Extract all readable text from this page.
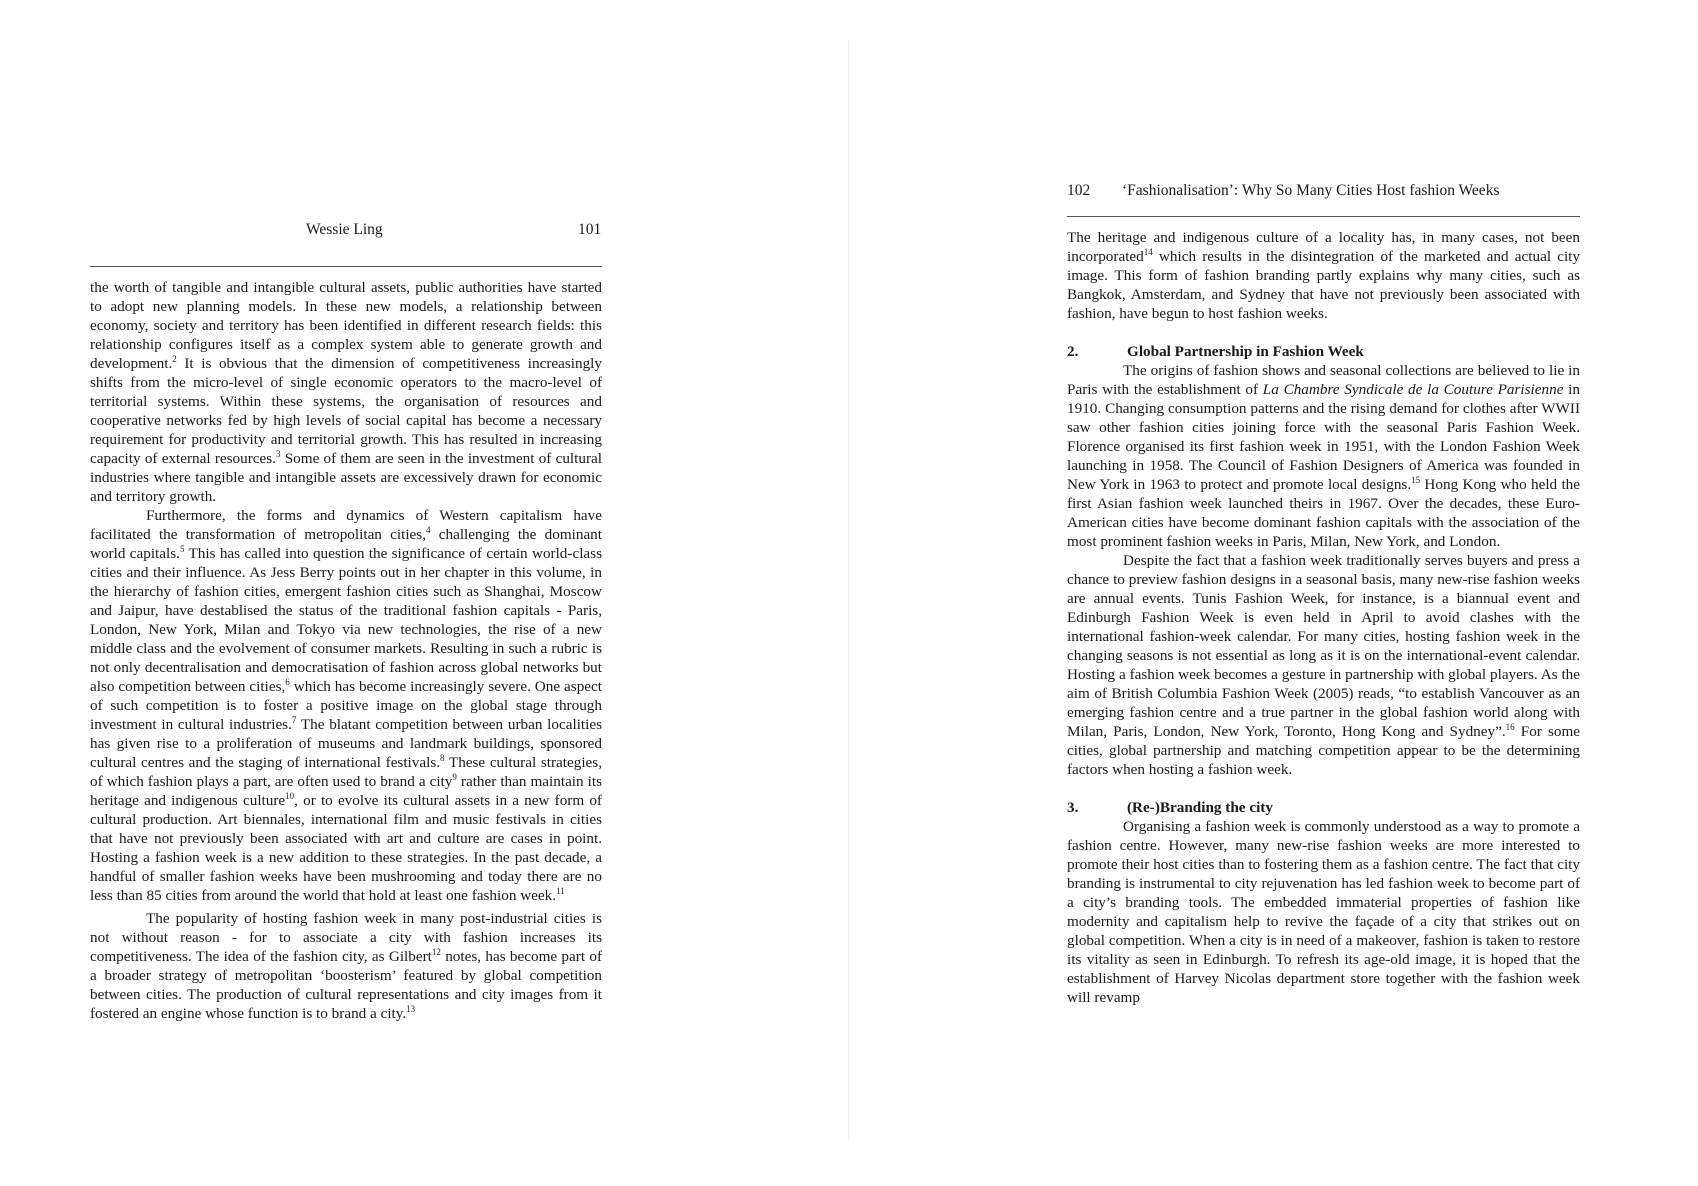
Wessie Ling	101

the worth of tangible and intangible cultural assets, public authorities have started to adopt new planning models. In these new models, a relationship between economy, society and territory has been identified in different research fields: this relationship configures itself as a complex system able to generate growth and development.$^2$ It is obvious that the dimension of competitiveness increasingly shifts from the micro-level of single economic operators to the macro-level of territorial systems. Within these systems, the organisation of resources and cooperative networks fed by high levels of social capital has become a necessary requirement for productivity and territorial growth. This has resulted in increasing capacity of external resources.$^3$ Some of them are seen in the investment of cultural industries where tangible and intangible assets are excessively drawn for economic and territory growth.

Furthermore, the forms and dynamics of Western capitalism have facilitated the transformation of metropolitan cities,$^4$ challenging the dominant world capitals.$^5$ This has called into question the significance of certain world-class cities and their influence. As Jess Berry points out in her chapter in this volume, in the hierarchy of fashion cities, emergent fashion cities such as Shanghai, Moscow and Jaipur, have destablised the status of the traditional fashion capitals - Paris, London, New York, Milan and Tokyo via new technologies, the rise of a new middle class and the evolvement of consumer markets. Resulting in such a rubric is not only decentralisation and democratisation of fashion across global networks but also competition between cities,$^6$ which has become increasingly severe. One aspect of such competition is to foster a positive image on the global stage through investment in cultural industries.$^7$ The blatant competition between urban localities has given rise to a proliferation of museums and landmark buildings, sponsored cultural centres and the staging of international festivals.$^8$ These cultural strategies, of which fashion plays a part, are often used to brand a city$^9$ rather than maintain its heritage and indigenous culture$^{10}$, or to evolve its cultural assets in a new form of cultural production. Art biennales, international film and music festivals in cities that have not previously been associated with art and culture are cases in point. Hosting a fashion week is a new addition to these strategies. In the past decade, a handful of smaller fashion weeks have been mushrooming and today there are no less than 85 cities from around the world that hold at least one fashion week.$^{11}$

The popularity of hosting fashion week in many post-industrial cities is not without reason - for to associate a city with fashion increases its competitiveness. The idea of the fashion city, as Gilbert$^{12}$ notes, has become part of a broader strategy of metropolitan ‘boosterism’ featured by global competition between cities. The production of cultural representations and city images from it fostered an engine whose function is to brand a city.$^{13}$

102 ‘Fashionalisation’: Why So Many Cities Host fashion Weeks

The heritage and indigenous culture of a locality has, in many cases, not been incorporated$^{14}$ which results in the disintegration of the marketed and actual city image. This form of fashion branding partly explains why many cities, such as Bangkok, Amsterdam, and Sydney that have not previously been associated with fashion, have begun to host fashion weeks.

2.	Global Partnership in Fashion Week

The origins of fashion shows and seasonal collections are believed to lie in Paris with the establishment of La Chambre Syndicale de la Couture Parisienne in 1910. Changing consumption patterns and the rising demand for clothes after WWII saw other fashion cities joining force with the seasonal Paris Fashion Week. Florence organised its first fashion week in 1951, with the London Fashion Week launching in 1958. The Council of Fashion Designers of America was founded in New York in 1963 to protect and promote local designs.$^{15}$ Hong Kong who held the first Asian fashion week launched theirs in 1967. Over the decades, these Euro-American cities have become dominant fashion capitals with the association of the most prominent fashion weeks in Paris, Milan, New York, and London.

Despite the fact that a fashion week traditionally serves buyers and press a chance to preview fashion designs in a seasonal basis, many new-rise fashion weeks are annual events. Tunis Fashion Week, for instance, is a biannual event and Edinburgh Fashion Week is even held in April to avoid clashes with the international fashion-week calendar. For many cities, hosting fashion week in the changing seasons is not essential as long as it is on the international-event calendar. Hosting a fashion week becomes a gesture in partnership with global players. As the aim of British Columbia Fashion Week (2005) reads, “to establish Vancouver as an emerging fashion centre and a true partner in the global fashion world along with Milan, Paris, London, New York, Toronto, Hong Kong and Sydney”.$^{16}$ For some cities, global partnership and matching competition appear to be the determining factors when hosting a fashion week.

3.	(Re-)Branding the city

Organising a fashion week is commonly understood as a way to promote a fashion centre. However, many new-rise fashion weeks are more interested to promote their host cities than to fostering them as a fashion centre. The fact that city branding is instrumental to city rejuvenation has led fashion week to become part of a city’s branding tools. The embedded immaterial properties of fashion like modernity and capitalism help to revive the façade of a city that strikes out on global competition. When a city is in need of a makeover, fashion is taken to restore its vitality as seen in Edinburgh. To refresh its age-old image, it is hoped that the establishment of Harvey Nicolas department store together with the fashion week will revamp
